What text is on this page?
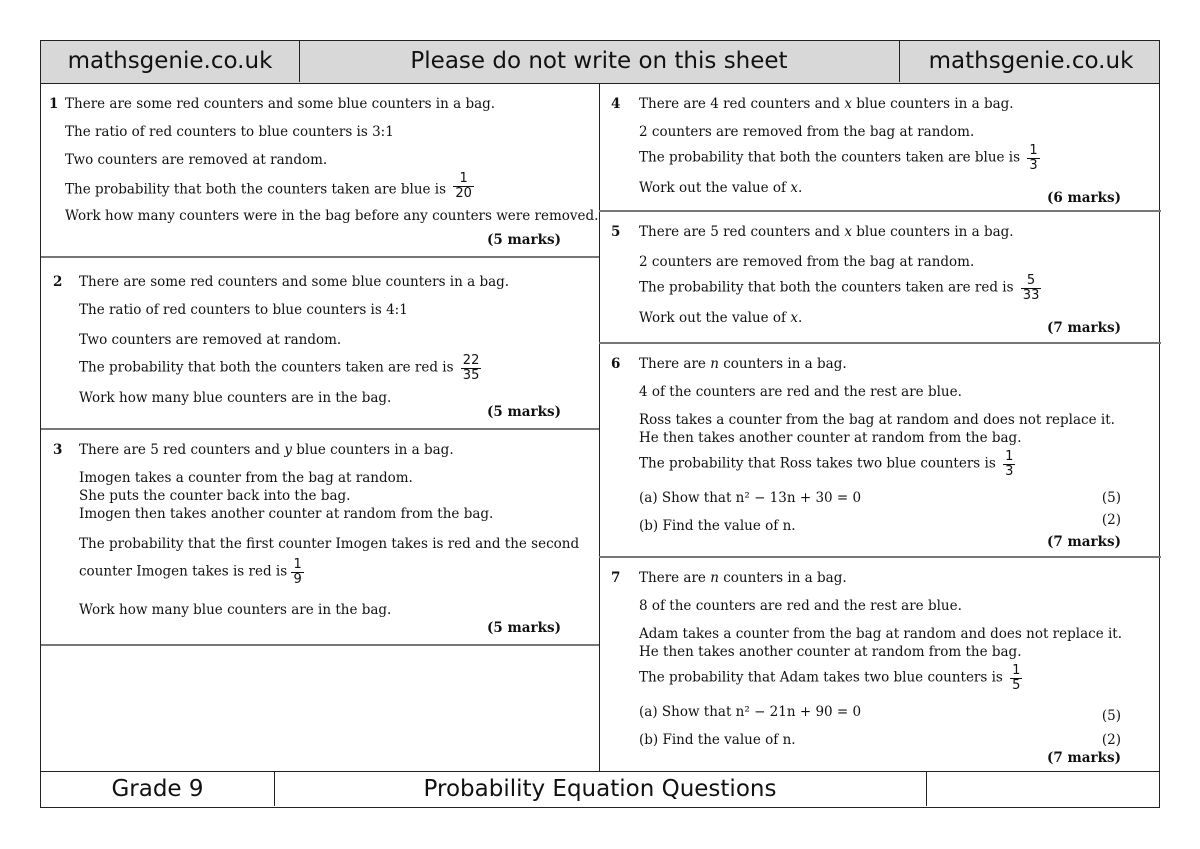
mathsgenie.co.uk	Please do not write on this sheet	mathsgenie.co.uk
1 There are some red counters and some blue counters in a bag.
The ratio of red counters to blue counters is 3:1
Two counters are removed at random.
The probability that both the counters taken are blue is $\frac{1}{20}$
Work how many counters were in the bag before any counters were removed.
(5 marks)
2 There are some red counters and some blue counters in a bag.
The ratio of red counters to blue counters is 4:1
Two counters are removed at random.
The probability that both the counters taken are red is $\frac{22}{35}$
Work how many blue counters are in the bag.
(5 marks)
3 There are 5 red counters and y blue counters in a bag.
Imogen takes a counter from the bag at random.
She puts the counter back into the bag.
Imogen then takes another counter at random from the bag.
The probability that the first counter Imogen takes is red and the second
counter Imogen takes is red is $\frac{1}{9}$
Work how many blue counters are in the bag.
(5 marks)
4 There are 4 red counters and x blue counters in a bag.
2 counters are removed from the bag at random.
The probability that both the counters taken are blue is $\frac{1}{3}$
Work out the value of x.
(6 marks)
5 There are 5 red counters and x blue counters in a bag.
2 counters are removed from the bag at random.
The probability that both the counters taken are red is $\frac{5}{33}$
Work out the value of x.
(7 marks)
6 There are n counters in a bag.
4 of the counters are red and the rest are blue.
Ross takes a counter from the bag at random and does not replace it.
He then takes another counter at random from the bag.
The probability that Ross takes two blue counters is $\frac{1}{3}$
(a) Show that n² − 13n + 30 = 0	(5)
(b) Find the value of n.	(2)
(7 marks)
7 There are n counters in a bag.
8 of the counters are red and the rest are blue.
Adam takes a counter from the bag at random and does not replace it.
He then takes another counter at random from the bag.
The probability that Adam takes two blue counters is $\frac{1}{5}$
(a) Show that n² − 21n + 90 = 0	(5)
(b) Find the value of n.	(2)
(7 marks)
Grade 9	Probability Equation Questions
